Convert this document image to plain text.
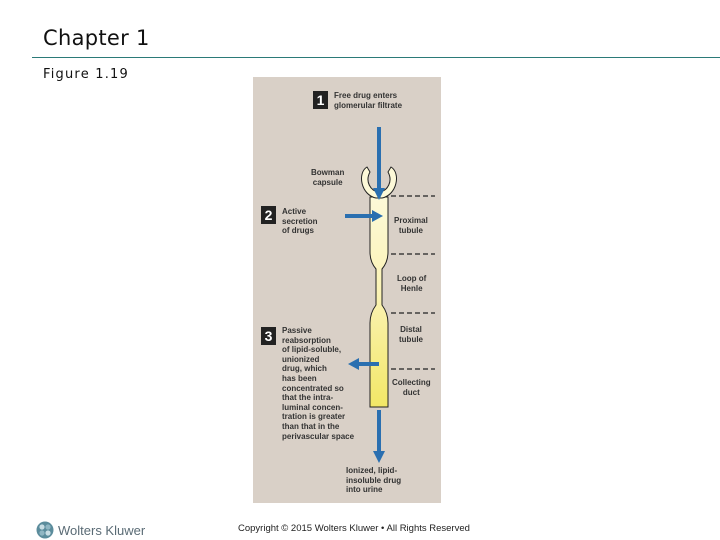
Chapter 1
Figure 1.19
1	Free drug enters
glomerular filtrate
Bowman
capsule
2	Active
secretion
of drugs
Proximal
tubule
Loop of
Henle
Distal
tubule
Collecting
duct
3	Passive
reabsorption
of lipid-soluble,
unionized
drug, which
has been
concentrated so
that the intra-
luminal concen-
tration is greater
than that in the
perivascular space
Ionized, lipid-
insoluble drug
into urine
Wolters Kluwer	Copyright © 2015 Wolters Kluwer • All Rights Reserved
